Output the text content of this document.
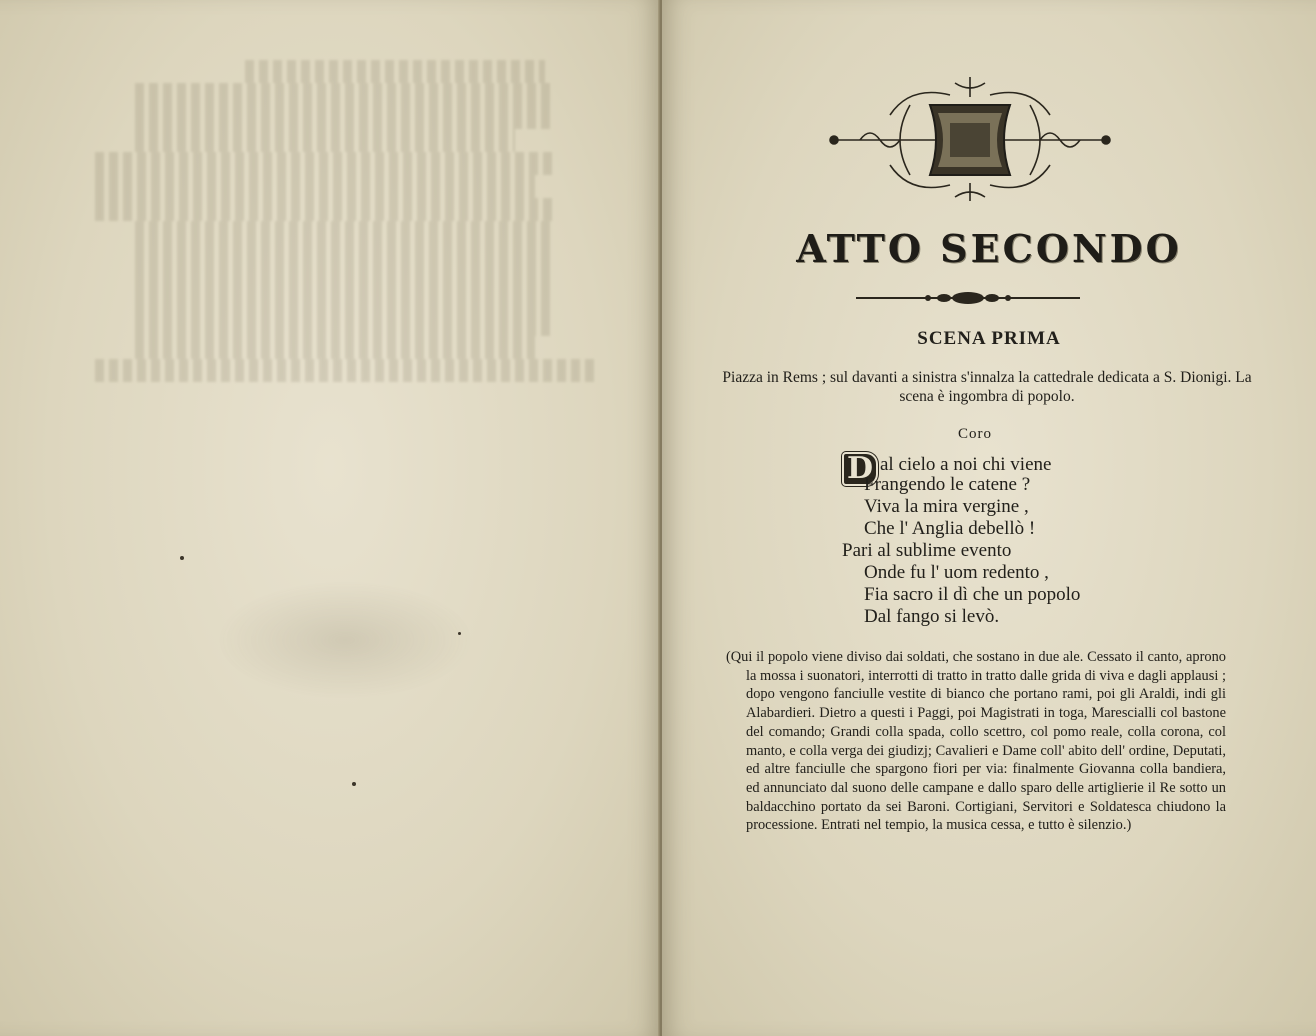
ATTO SECONDO
SCENA PRIMA

Piazza in Rems ; sul davanti a sinistra s'innalza la cattedrale dedicata a S. Dionigi. La scena è ingombra di popolo.

Coro
D al cielo a noi chi viene
Frangendo le catene ?
Viva la mira vergine ,
Che l' Anglia debellò !
Pari al sublime evento
Onde fu l' uom redento ,
Fia sacro il dì che un popolo
Dal fango si levò.

(Qui il popolo viene diviso dai soldati, che sostano in due ale. Cessato il canto, aprono la mossa i suonatori, interrotti di tratto in tratto dalle grida di viva e dagli applausi ; dopo vengono fanciulle vestite di bianco che portano rami, poi gli Araldi, indi gli Alabardieri. Dietro a questi i Paggi, poi Magistrati in toga, Marescialli col bastone del comando; Grandi colla spada, collo scettro, col pomo reale, colla corona, col manto, e colla verga dei giudizj; Cavalieri e Dame coll' abito dell' ordine, Deputati, ed altre fanciulle che spargono fiori per via: finalmente Giovanna colla bandiera, ed annunciato dal suono delle campane e dallo sparo delle artiglierie il Re sotto un baldacchino portato da sei Baroni. Cortigiani, Servitori e Soldatesca chiudono la processione. Entrati nel tempio, la musica cessa, e tutto è silenzio.)
